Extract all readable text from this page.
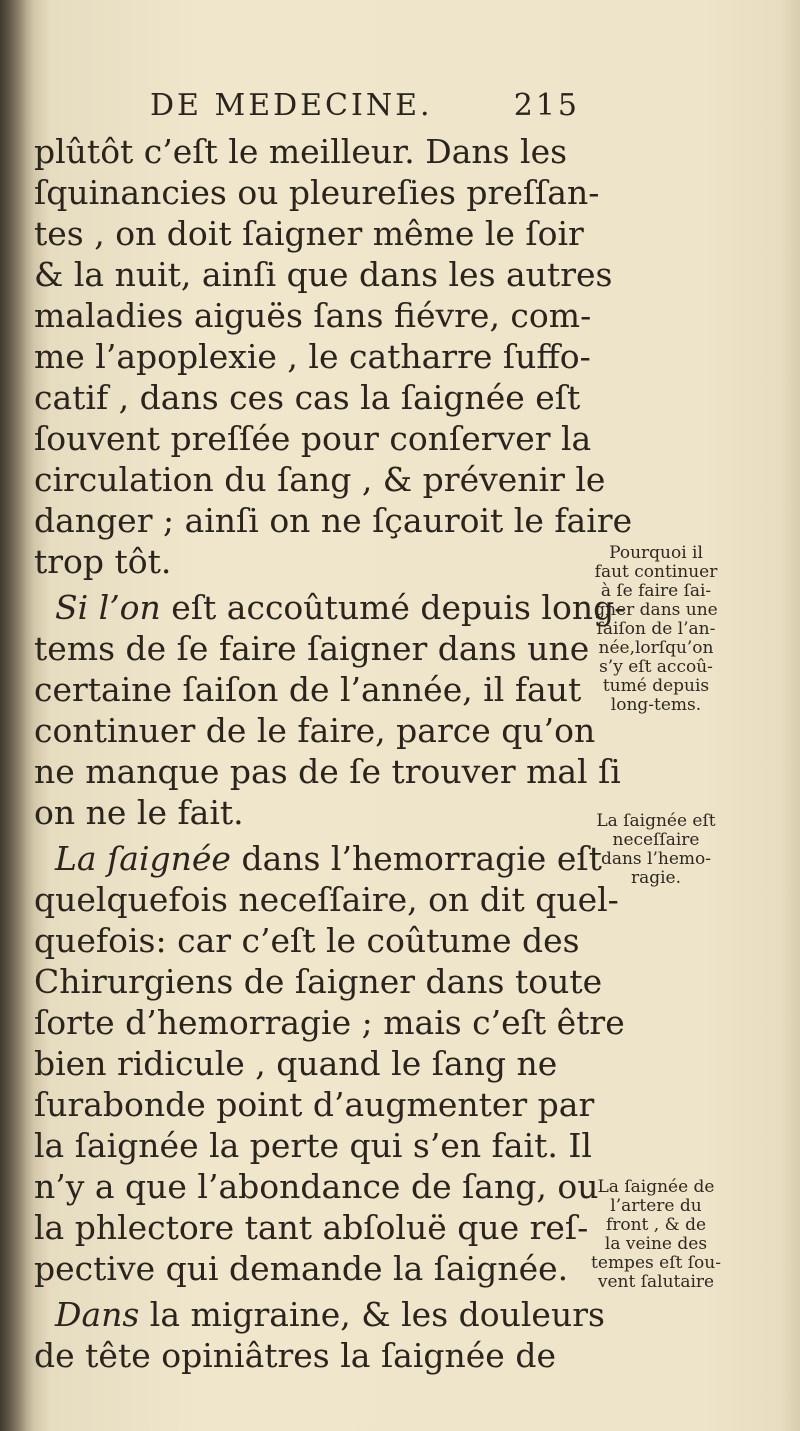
DE MEDECINE.	215
plûtôt c’eſt le meilleur. Dans les
ſquinancies ou pleureſies preſſan-
tes , on doit ſaigner même le ſoir
& la nuit, ainſi que dans les autres
maladies aiguës ſans fiévre, com-
me l’apoplexie , le catharre ſuffo-
catif , dans ces cas la ſaignée eſt
ſouvent preſſée pour conſerver la
circulation du ſang , & prévenir le
danger ; ainſi on ne ſçauroit le faire
trop tôt.
Si l’on eſt accoûtumé depuis long-
tems de ſe faire ſaigner dans une
certaine ſaiſon de l’année, il faut
continuer de le faire, parce qu’on
ne manque pas de ſe trouver mal ſi
on ne le fait.
La ſaignée dans l’hemorragie eſt
quelquefois neceſſaire, on dit quel-
quefois: car c’eſt le coûtume des
Chirurgiens de ſaigner dans toute
ſorte d’hemorragie ; mais c’eſt être
bien ridicule , quand le ſang ne
ſurabonde point d’augmenter par
la ſaignée la perte qui s’en fait. Il
n’y a que l’abondance de ſang, ou
la phlectore tant abſoluë que reſ-
pective qui demande la ſaignée.
Dans la migraine, & les douleurs
de tête opiniâtres la ſaignée de
Pourquoi il
faut continuer
à ſe faire ſai-
gner dans une
ſaiſon de l’an-
née,lorſqu’on
s’y eſt accoû-
tumé depuis
long-tems.
La ſaignée eſt
neceſſaire
dans l’hemo-
ragie.
La ſaignée de
l’artere du
front , & de
la veine des
tempes eſt ſou-
vent ſalutaire
